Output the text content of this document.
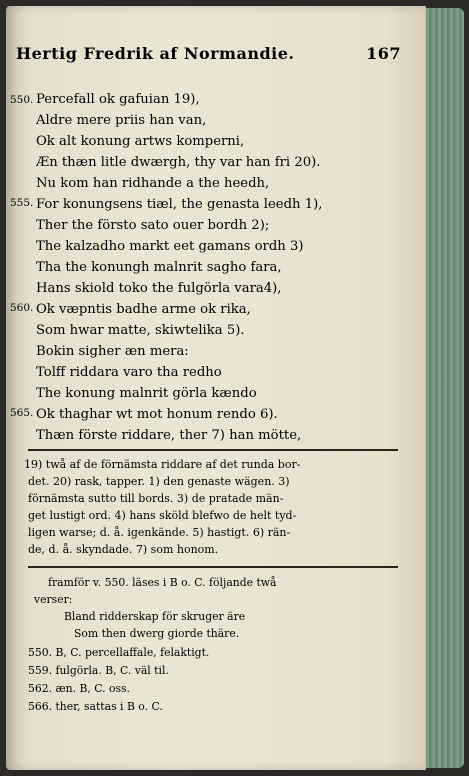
Hertig Fredrik af Normandie.	167
550. Percefall ok gafuian 19),
Aldre mere priis han van,
Ok alt konung artws komperni,
Æn thæn litle dwærgh, thy var han fri 20).
Nu kom han ridhande a the heedh,
555. For konungsens tiæl, the genasta leedh 1),
Ther the försto sato ouer bordh 2);
The kalzadho markt eet gamans ordh 3)
Tha the konungh malnrit sagho fara,
Hans skiold toko the fulgörla vara4),
560. Ok væpntis badhe arme ok rika,
Som hwar matte, skiwtelika 5).
Bokin sigher æn mera:
Tolff riddara varo tha redho
The konung malnrit görla kændo
565. Ok thaghar wt mot honum rendo 6).
Thæn förste riddare, ther 7) han mötte,
19) twå af de förnämsta riddare af det runda bor-
det. 20) rask, tapper. 1) den genaste wägen. 3)
förnämsta sutto till bords. 3) de pratade män-
get lustigt ord. 4) hans sköld blefwo de helt tyd-
ligen warse; d. å. igenkände. 5) hastigt. 6) rän-
de, d. å. skyndade. 7) som honom.
framför v. 550. läses i B o. C. följande twå
verser:
Bland ridderskap för skruger äre
Som then dwerg giorde thäre.
550. B, C. percellaffale, felaktigt.
559. fulgörla. B, C. väl til.
562. æn. B, C. oss.
566. ther, sattas i B o. C.
